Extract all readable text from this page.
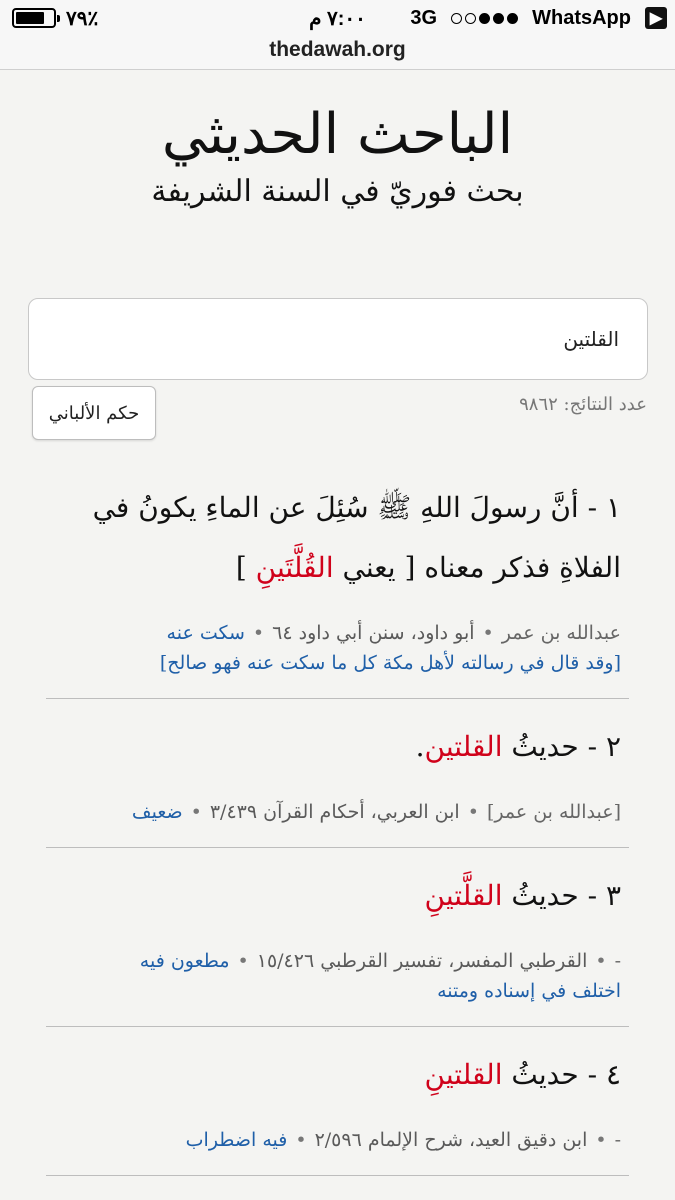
٧٩٪	٧:٠٠ م 3G	WhatsApp	▶
thedawah.org
الباحث الحديثي
بحث فوريّ في السنة الشريفة
القلتين
عدد النتائج: ٩٨٦٢
حكم الألباني
١ - أنَّ رسولَ اللهِ ﷺ سُئِلَ عن الماءِ يكونُ في الفلاةِ فذكر معناه [ يعني القُلَّتَينِ ]
عبدالله بن عمر•أبو داود، سنن أبي داود ٦٤•سكت عنه
[وقد قال في رسالته لأهل مكة كل ما سكت عنه فهو صالح]
٢ - حديثُ القلتين.
[عبدالله بن عمر]•ابن العربي، أحكام القرآن ٣/٤٣٩•ضعيف
٣ - حديثُ القلَّتينِ
-•القرطبي المفسر، تفسير القرطبي ١٥/٤٢٦•مطعون فيه
اختلف في إسناده ومتنه
٤ - حديثُ القلتينِ
-•ابن دقيق العيد، شرح الإلمام ٢/٥٩٦•فيه اضطراب
